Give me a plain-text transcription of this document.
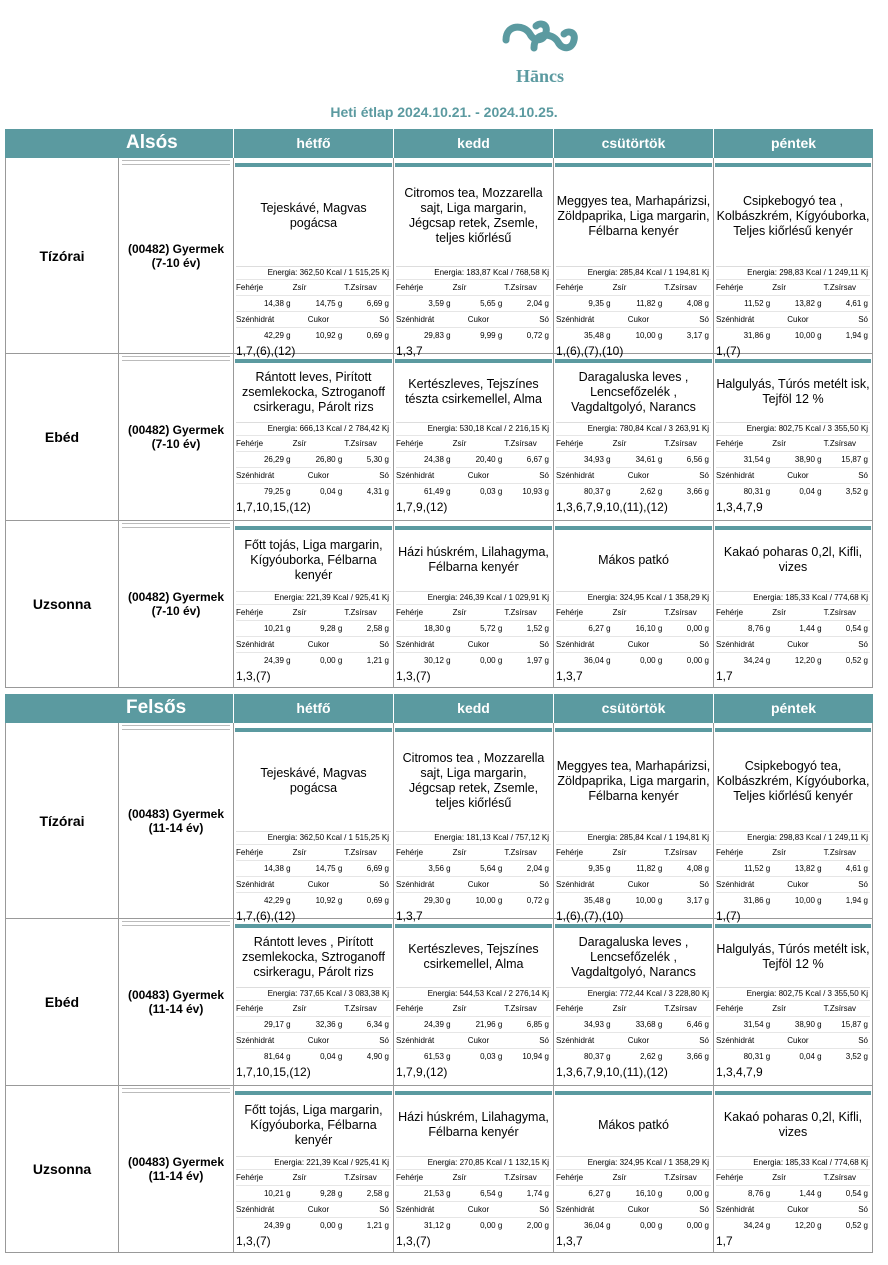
Hāncs
Heti étlap 2024.10.21. - 2024.10.25.
Alsós	hétfő	kedd	csütörtök	péntek
Tízórai	(00482) Gyermek (7-10 év)
Tejeskávé, Magvas pogácsa
Energia: 362,50 Kcal / 1 515,25 Kj
Fehérje	Zsír	T.Zsírsav
14,38 g	14,75 g	6,69 g
Szénhidrát	Cukor	Só
42,29 g	10,92 g	0,69 g
1,7,(6),(12)
Citromos tea, Mozzarella sajt, Liga margarin, Jégcsap retek, Zsemle, teljes kiőrlésű
Energia: 183,87 Kcal / 768,58 Kj
Fehérje	Zsír	T.Zsírsav
3,59 g	5,65 g	2,04 g
Szénhidrát	Cukor	Só
29,83 g	9,99 g	0,72 g
1,3,7
Meggyes tea, Marhapárizsi, Zöldpaprika, Liga margarin, Félbarna kenyér
Energia: 285,84 Kcal / 1 194,81 Kj
Fehérje	Zsír	T.Zsírsav
9,35 g	11,82 g	4,08 g
Szénhidrát	Cukor	Só
35,48 g	10,00 g	3,17 g
1,(6),(7),(10)
Csipkebogyó tea , Kolbászkrém, Kígyóuborka, Teljes kiőrlésű kenyér
Energia: 298,83 Kcal / 1 249,11 Kj
Fehérje	Zsír	T.Zsírsav
11,52 g	13,82 g	4,61 g
Szénhidrát	Cukor	Só
31,86 g	10,00 g	1,94 g
1,(7)
Ebéd	(00482) Gyermek (7-10 év)
Rántott leves, Pirított zsemlekocka, Sztroganoff csirkeragu, Párolt rizs
Energia: 666,13 Kcal / 2 784,42 Kj
Fehérje	Zsír	T.Zsírsav
26,29 g	26,80 g	5,30 g
Szénhidrát	Cukor	Só
79,25 g	0,04 g	4,31 g
1,7,10,15,(12)
Kertészleves, Tejszínes tészta csirkemellel, Alma
Energia: 530,18 Kcal / 2 216,15 Kj
Fehérje	Zsír	T.Zsírsav
24,38 g	20,40 g	6,67 g
Szénhidrát	Cukor	Só
61,49 g	0,03 g	10,93 g
1,7,9,(12)
Daragaluska leves , Lencsefőzelék , Vagdaltgolyó, Narancs
Energia: 780,84 Kcal / 3 263,91 Kj
Fehérje	Zsír	T.Zsírsav
34,93 g	34,61 g	6,56 g
Szénhidrát	Cukor	Só
80,37 g	2,62 g	3,66 g
1,3,6,7,9,10,(11),(12)
Halgulyás, Túrós metélt isk, Tejföl 12 %
Energia: 802,75 Kcal / 3 355,50 Kj
Fehérje	Zsír	T.Zsírsav
31,54 g	38,90 g	15,87 g
Szénhidrát	Cukor	Só
80,31 g	0,04 g	3,52 g
1,3,4,7,9
Uzsonna	(00482) Gyermek (7-10 év)
Főtt tojás, Liga margarin, Kígyóuborka, Félbarna kenyér
Energia: 221,39 Kcal / 925,41 Kj
Fehérje	Zsír	T.Zsírsav
10,21 g	9,28 g	2,58 g
Szénhidrát	Cukor	Só
24,39 g	0,00 g	1,21 g
1,3,(7)
Házi húskrém, Lilahagyma, Félbarna kenyér
Energia: 246,39 Kcal / 1 029,91 Kj
Fehérje	Zsír	T.Zsírsav
18,30 g	5,72 g	1,52 g
Szénhidrát	Cukor	Só
30,12 g	0,00 g	1,97 g
1,3,(7)
Mákos patkó
Energia: 324,95 Kcal / 1 358,29 Kj
Fehérje	Zsír	T.Zsírsav
6,27 g	16,10 g	0,00 g
Szénhidrát	Cukor	Só
36,04 g	0,00 g	0,00 g
1,3,7
Kakaó poharas 0,2l, Kifli, vizes
Energia: 185,33 Kcal / 774,68 Kj
Fehérje	Zsír	T.Zsírsav
8,76 g	1,44 g	0,54 g
Szénhidrát	Cukor	Só
34,24 g	12,20 g	0,52 g
1,7
Felsős	hétfő	kedd	csütörtök	péntek
Tízórai	(00483) Gyermek (11-14 év)
Tejeskávé, Magvas pogácsa
Energia: 362,50 Kcal / 1 515,25 Kj
Fehérje	Zsír	T.Zsírsav
14,38 g	14,75 g	6,69 g
Szénhidrát	Cukor	Só
42,29 g	10,92 g	0,69 g
1,7,(6),(12)
Citromos tea , Mozzarella sajt, Liga margarin, Jégcsap retek, Zsemle, teljes kiőrlésű
Energia: 181,13 Kcal / 757,12 Kj
Fehérje	Zsír	T.Zsírsav
3,56 g	5,64 g	2,04 g
Szénhidrát	Cukor	Só
29,30 g	10,00 g	0,72 g
1,3,7
Meggyes tea, Marhapárizsi, Zöldpaprika, Liga margarin, Félbarna kenyér
Energia: 285,84 Kcal / 1 194,81 Kj
Fehérje	Zsír	T.Zsírsav
9,35 g	11,82 g	4,08 g
Szénhidrát	Cukor	Só
35,48 g	10,00 g	3,17 g
1,(6),(7),(10)
Csipkebogyó tea, Kolbászkrém, Kígyóuborka, Teljes kiőrlésű kenyér
Energia: 298,83 Kcal / 1 249,11 Kj
Fehérje	Zsír	T.Zsírsav
11,52 g	13,82 g	4,61 g
Szénhidrát	Cukor	Só
31,86 g	10,00 g	1,94 g
1,(7)
Ebéd	(00483) Gyermek (11-14 év)
Rántott leves , Pirított zsemlekocka, Sztroganoff csirkeragu, Párolt rizs
Energia: 737,65 Kcal / 3 083,38 Kj
Fehérje	Zsír	T.Zsírsav
29,17 g	32,36 g	6,34 g
Szénhidrát	Cukor	Só
81,64 g	0,04 g	4,90 g
1,7,10,15,(12)
Kertészleves, Tejszínes csirkemellel, Alma
Energia: 544,53 Kcal / 2 276,14 Kj
Fehérje	Zsír	T.Zsírsav
24,39 g	21,96 g	6,85 g
Szénhidrát	Cukor	Só
61,53 g	0,03 g	10,94 g
1,7,9,(12)
Daragaluska leves , Lencsefőzelék , Vagdaltgolyó, Narancs
Energia: 772,44 Kcal / 3 228,80 Kj
Fehérje	Zsír	T.Zsírsav
34,93 g	33,68 g	6,46 g
Szénhidrát	Cukor	Só
80,37 g	2,62 g	3,66 g
1,3,6,7,9,10,(11),(12)
Halgulyás, Túrós metélt isk, Tejföl 12 %
Energia: 802,75 Kcal / 3 355,50 Kj
Fehérje	Zsír	T.Zsírsav
31,54 g	38,90 g	15,87 g
Szénhidrát	Cukor	Só
80,31 g	0,04 g	3,52 g
1,3,4,7,9
Uzsonna	(00483) Gyermek (11-14 év)
Főtt tojás, Liga margarin, Kígyóuborka, Félbarna kenyér
Energia: 221,39 Kcal / 925,41 Kj
Fehérje	Zsír	T.Zsírsav
10,21 g	9,28 g	2,58 g
Szénhidrát	Cukor	Só
24,39 g	0,00 g	1,21 g
1,3,(7)
Házi húskrém, Lilahagyma, Félbarna kenyér
Energia: 270,85 Kcal / 1 132,15 Kj
Fehérje	Zsír	T.Zsírsav
21,53 g	6,54 g	1,74 g
Szénhidrát	Cukor	Só
31,12 g	0,00 g	2,00 g
1,3,(7)
Mákos patkó
Energia: 324,95 Kcal / 1 358,29 Kj
Fehérje	Zsír	T.Zsírsav
6,27 g	16,10 g	0,00 g
Szénhidrát	Cukor	Só
36,04 g	0,00 g	0,00 g
1,3,7
Kakaó poharas 0,2l, Kifli, vizes
Energia: 185,33 Kcal / 774,68 Kj
Fehérje	Zsír	T.Zsírsav
8,76 g	1,44 g	0,54 g
Szénhidrát	Cukor	Só
34,24 g	12,20 g	0,52 g
1,7
